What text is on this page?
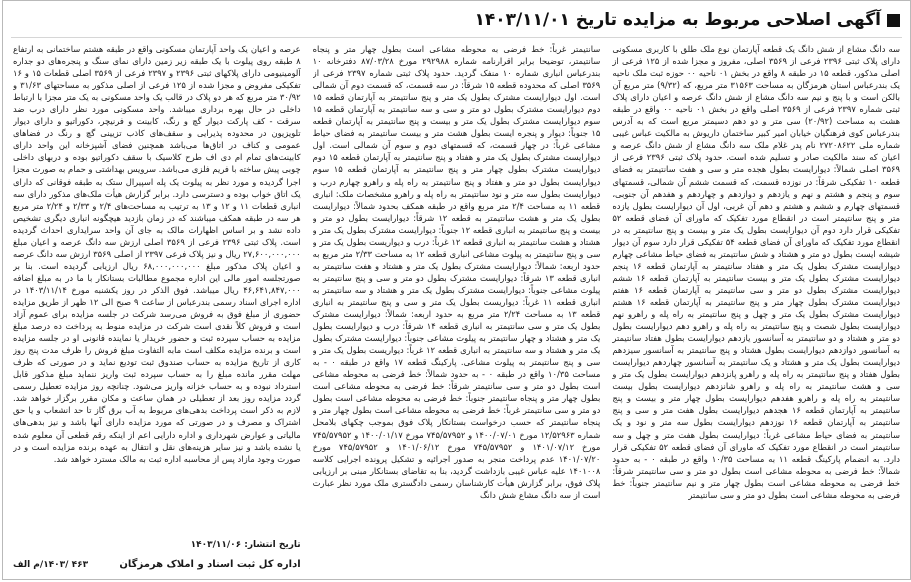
آگهی اصلاحی مربوط به مزایده تاریخ ۱۴۰۳/۱۱/۰۱

سه دانگ مشاع از شش دانگ یک قطعه آپارتمان نوع ملک طلق با کاربری مسکونی دارای پلاک ثبتی ۲۳۹۶ فرعی از ۳۵۶۹ اصلی، مفروز و مجزا شده از ۱۲۵ فرعی از اصلی مذکور، قطعه ۱۵ در طبقه ۸ واقع در بخش ۰۱ ناحیه ۰۰ حوزه ثبت ملک ناحیه یک بندرعباس استان هرمزگان به مساحت ۳۱۵۶۳ متر مربع، که (۹/۳۲) متر مربع آن بالکن است و با پنج و نیم سه دانگ مشاع از شش دانگ عرصه و اعیان دارای پلاک ثبتی شماره ۲۳۹۷ فرعی از ۳۵۶۹ اصلی واقع در بخش ۰۱ ناحیه ۰۰ واقع در طبقه هشت به مساحت (۲۰/۹۲) سی متر و دو دهم دسیمتر مربع است که به آدرس بندرعباس کوی فرهنگیان خیابان امیر کبیر ساختمان داریوش به مالکیت عباس غیبی شماره ملی ۲۷۲۰۸۶۲۲ نام پدر غلام ملک سه دانگ مشاع از شش دانگ عرصه و اعیان که سند مالکیت صادر و تسلیم شده است. حدود پلاک ثبتی ۲۳۹۶ فرعی از ۳۵۶۹ اصلی شمالاً: دیوارایست بطول هجده متر و سی و هفت سانتیمتر به فضای قطعه ۱۰ تفکیکی شرقاً: در نوزده قسمت، که قسمت ششم آن شمالی، قسمتهای سوم و پنجم و هشتم و نهم و یازدهم و دوازدهم و چهاردهم و هفدهم آن جنوبی، قسمتهای چهارم و ششم و هشتم و دهم آن غربی، اول آن دیوارایست بطول یازده متر و پنج سانتیمتر است در انقطاع مورد تفکیک که ماورای آن فضای قطعه ۵۲ تفکیکی قرار دارد دوم آن دیوارایست بطول یک متر و بیست و پنج سانتیمتر به در انقطاع مورد تفکیک که ماورای آن فضای قطعه ۵۴ تفکیکی قرار دارد سوم آن دیوار شیشه ایست بطول دو متر و هشتاد و شش سانتیمتر به فضای حیاط مشاعی چهارم دیوارایست مشترک بطول یک متر و هفتاد سانتیمتر به آپارتمان قطعه ۱۶ پنجم دیوارایست مشترک بطول یک متر و بیست سانتیمتر به آپارتمان قطعه ۱۶ ششم دیوارایست مشترک بطول دو متر و سی سانتیمتر به آپارتمان قطعه ۱۶ هفتم دیوارایست مشترک بطول چهار متر و پنج سانتیمتر به آپارتمان قطعه ۱۶ هشتم دیوارایست مشترک بطول یک متر و چهل و پنج سانتیمتر به راه پله و راهرو نهم دیوارایست بطول شصت و پنج سانتیمتر به راه پله و راهرو دهم دیوارایست بطول دو متر و هشتاد و دو سانتیمتر به آسانسور یازدهم دیوارایست بطول هفتاد سانتیمتر به آسانسور دوازدهم دیوارایست بطول هشتاد و پنج سانتیمتر به آسانسور سیزدهم دیوارایست بطول یک متر و هشتاد و یک سانتیمتر به آسانسور چهاردهم دیوارایست بطول هفتاد و پنج سانتیمتر به راه پله و راهرو پانزدهم دیوارایست بطول یک متر و سی و هشت سانتیمتر به راه پله و راهرو شانزدهم دیوارایست بطول بیست سانتیمتر به راه پله و راهرو هفدهم دیوارایست بطول چهار متر و بیست و پنج سانتیمتر به آپارتمان قطعه ۱۶ هجدهم دیوارایست بطول هفت متر و سی و پنج سانتیمتر به آپارتمان قطعه ۱۶ نوزدهم دیوارایست بطول سه متر و نود و یک سانتیمتر به فضای حیاط مشاعی غرباً: دیوارایست بطول هفت متر و چهل و سه سانتیمتر است در انقطاع مورد تفکیک که ماورای آن فضای قطعه ۵۲ تفکیکی قرار دارد. به انضمام پارکینگ قطعه ۱۱ به مساحت ۱۰/۳۵ واقع در طبقه ۰ - به حدود شمالاً: خط فرضی به محوطه مشاعی است بطول دو متر و سی سانتیمتر شرقاً: خط فرضی به محوطه مشاعی است بطول چهار متر و نیم سانتیمتر جنوباً: خط فرضی به محوطه مشاعی است بطول دو متر و سی سانتیمتر

سانتیمتر غرباً: خط فرضی به محوطه مشاعی است بطول چهار متر و پنجاه سانتیمتر، توضیحا برابر اقرارنامه شماره ۲۹۲۹۸۸ مورخ ۸۷/۰۳/۲۸ دفترخانه ۱۰ بندرعباس انباری شماره ۱۰ منفک گردید. حدود پلاک ثبتی شماره ۲۳۹۷ فرعی از ۳۵۶۹ اصلی که محدوده قطعه ۱۵ شرقاً: در سه قسمت، که قسمت دوم آن شمالی است. اول دیوارایست مشترک بطول یک متر و پنج سانتیمتر به آپارتمان قطعه ۱۵ دوم دیوارایست مشترک بطول دو متر و سی و سه سانتیمتر به آپارتمان قطعه ۱۵ سوم دیوارایست مشترک بطول یک متر و بیست و پنج سانتیمتر به آپارتمان قطعه ۱۵ جنوباً: دیوار و پنجره ایست بطول هشت متر و بیست سانتیمتر به فضای حیاط مشاعی غرباً: در چهار قسمت، که قسمتهای دوم و سوم آن شمالی است. اول دیوارایست مشترک بطول یک متر و هفتاد و پنج سانتیمتر به آپارتمان قطعه ۱۵ دوم دیوارایست مشترک بطول چهار متر و پنج سانتیمتر به آپارتمان قطعه ۱۵ سوم دیوارایست بطول دو متر و هفتاد و پنج سانتیمتر به راه پله و راهرو چهارم درب و دیوارایست بطول سه متر و نود سانتیمتر به راه پله و راهرو مشخصات ملک: انباری قطعه ۱۱ به مساحت ۲/۴ متر مربع واقع در طبقه همکف بحدود شمالاً: دیوارایست بطول یک متر و هشت سانتیمتر به قطعه ۱۲ شرقاً: دیوارایست بطول دو متر و بیست و پنج سانتیمتر به انباری قطعه ۱۲ جنوباً: دیوارایست مشترک بطول یک متر و هشتاد و هشت سانتیمتر به انباری قطعه ۱۲ غرباً: درب و دیواریست بطول یک متر و سی و پنج سانتیمتر به پیلوت مشاعی انباری قطعه ۱۲ به مساحت ۲/۳۳ متر مربع به حدود اربعه: شمالاً: دیوارایست مشترک بطول یک متر و هشتاد و هفت سانتیمتر به انباری قطعه ۱۳ شرقاً: دیوارایست مشترک بطول دو متر و سی و پنج سانتیمتر به پیلوت مشاعی جنوباً: دیوارایست مشترک بطول یک متر و هشتاد و سه سانتیمتر به انباری قطعه ۱۱ غرباً: دیواریست بطول یک متر و سی و پنج سانتیمتر به انباری قطعه ۱۳ به مساحت ۲/۲۴ متر مربع به حدود اربعه: شمالاً: دیوارایست مشترک بطول یک متر و سی سانتیمتر به انباری قطعه ۱۴ شرقاً: درب و دیوارایست بطول یک متر و هشتاد و چهار سانتیمتر به پیلوت مشاعی جنوباً: دیوارایست مشترک بطول یک متر و هشتاد و سه سانتیمتر به انباری قطعه ۱۲ غرباً: دیواریست بطول یک متر و سی و پنج سانتیمتر به پیلوت مشاعی. پارکینگ قطعه ۱۷ واقع در طبقه ۰ - به مساحت ۱۰/۳۵ واقع در طبقه ۰ - به حدود شمالاً: خط فرضی به محوطه مشاعی است بطول دو متر و سی سانتیمتر شرقاً: خط فرضی به محوطه مشاعی است بطول چهار متر و پنجاه سانتیمتر جنوباً: خط فرضی به محوطه مشاعی است بطول دو متر و سی سانتیمتر غرباً: خط فرضی به محوطه مشاعی است بطول چهار متر و پنجاه سانتیمتر که حسب درخواست بستانکار پلاک فوق بموجب چکهای بلامحل شماره ۱۲/۵۲۹۶۳ مورخ ۱۴۰۰/۰۷/۰۱ و ۷۴۵/۵۷۹۵۲ مورخ ۱۴۰۰/۰۱/۱۷ و ۷۴۵/۵۷۹۵۲ مورخ ۱۴۰۱/۰۷/۱۲ و ۷۴۵/۵۷۹۵۲ مورخ ۱۴۰۱/۰۶/۱۲ و ۷۴۵/۵۷۹۵۲ مورخ ۱۴۰۱/۰۷/۲۰ عدم پرداخت منجر به صدور اجرائیه و تشکیل پرونده اجرایی کلاسه ۱۴۰۱۰۰۸ علیه عباس غیبی بازداشت گردید، بنا به تقاضای بستانکار مبنی بر ارزیابی پلاک فوق، برابر گزارش هیأت کارشناسان رسمی دادگستری ملک مورد نظر عبارت است از سه دانگ مشاع شش دانگ

عرصه و اعیان یک واحد آپارتمان مسکونی واقع در طبقه هشتم ساختمانی به ارتفاع ۸ طبقه روی پیلوت با یک طبقه زیر زمین دارای نمای سنگ و پنجره‌های دو جداره آلومینیومی دارای پلاکهای ثبتی ۲۳۹۶ و ۲۳۹۷ فرعی از ۳۵۶۹ اصلی قطعات ۱۵ و ۱۶ تفکیکی مفروض و مجزا شده از ۱۲۵ فرعی از اصلی مذکور به مساحتهای ۳۱/۶۳ و ۳۰/۹۲ متر مربع که هر دو پلاک در قالب یک واحد مسکونی به یک متر مجزا با ارتباط داخلی در حال بهره برداری میباشد. واحد مسکونی مورد نظر دارای درب ضد سرقت - کف پارکت دیوار گچ و رنگ، کابینت و فرنیچر، دکوراتیو و دارای دیوار تلویزیون در محدوده پذیرایی و سقف‌های کاذب تزیینی گچ و رنگ در فضاهای عمومی و کناف در اتاق‌ها می‌باشد همچنین فضای آشپزخانه این واحد دارای کابینت‌های تمام ام دی اف طرح کلاسیک با سقف دکوراتیو بوده و دربهای داخلی چوبی پیش ساخته با فریم فلزی می‌باشد. سرویس بهداشتی و حمام به صورت مجزا اجرا گردیده و مورد نظر به پیلوت یک پله اسپیرال ستک به طبقه فوقانی که دارای یک اتاق خواب بوده و دسترسی دارد. برابر گزارش هیأت ملک‌های مذکور دارای سه انباری قطعات ۱۱ و ۱۲ و ۱۳ به ترتیب به مساحت‌های ۲/۴ و ۲/۳۳ و ۲/۲۴ متر مربع هر سه در طبقه همکف میباشند که در زمان بازدید هیچگونه انباری دیگری تشخیص داده نشد و بر اساس اظهارات مالک به جای آن واحد سرایداری احداث گردیده است. پلاک ثبتی ۲۳۹۶ فرعی از ۳۵۶۹ اصلی ارزش سه دانگ عرصه و اعیان مبلغ ۲۷,۶۰۰,۰۰۰,۰۰۰ ریال و نیز پلاک فرعی ۲۳۹۷ از اصلی ۳۵۶۹ ارزش سه دانگ عرصه و اعیان پلاک مذکور مبلغ ۶۸,۰۰۰,۰۰۰,۰۰۰ ریال ارزیابی گردیده است. بنا بر صورتجلسه امور مالی این اداره مجموع مطالبات بستانکار با ما در به مبلغ اضافه ۴۶,۶۴۱,۸۴۷,۰۰۰ ریال میباشد. فوق الذکر در روز یکشنبه مورخ ۱۴۰۳/۱۱/۱۴ در اداره اجرای اسناد رسمی بندرعباس از ساعت ۹ صبح الی ۱۲ ظهر از طریق مزایده حضوری از مبلغ فوق به فروش می‌رسد شرکت در جلسه مزایده برای عموم آزاد است و فروش کلاً نقدی است شرکت در مزایده منوط به پرداخت ده درصد مبلغ مزایده به حساب سپرده ثبت و حضور خریدار یا نماینده قانونی او در جلسه مزایده است و برنده مزایده مکلف است مابه التفاوت مبلغ فروش را ظرف مدت پنج روز کاری از تاریخ مزایده به حساب صندوق ثبت تودیع نماید و در صورتی که ظرف مهلت مقرر مانده مبلغ را به حساب سپرده ثبت واریز ننماید مبلغ مذکور قابل استرداد نبوده و به حساب خزانه واریز می‌شود. چنانچه روز مزایده تعطیل رسمی گردد مزایده روز بعد از تعطیلی در همان ساعت و مکان مقرر برگزار خواهد شد. لازم به ذکر است پرداخت بدهی‌های مربوط به آب برق گاز تا حد انشعاب و یا حق اشتراک و مصرف و در صورتی که مورد مزایده دارای آنها باشد و نیز بدهی‌های مالیاتی و عوارض شهرداری و اداره دارایی اعم از اینکه رقم قطعی آن معلوم شده یا نشده باشد و نیز سایر هزینه‌های نقل و انتقال به عهده برنده مزایده است و در صورت وجود مازاد پس از محاسبه اداره ثبت به مالک مسترد خواهد شد.

تاریخ انتشار: ۱۴۰۳/۱۱/۰۶
اداره کل ثبت اسناد و املاک هرمزگان
۴۶۳ /۱۴۰۳/م الف
